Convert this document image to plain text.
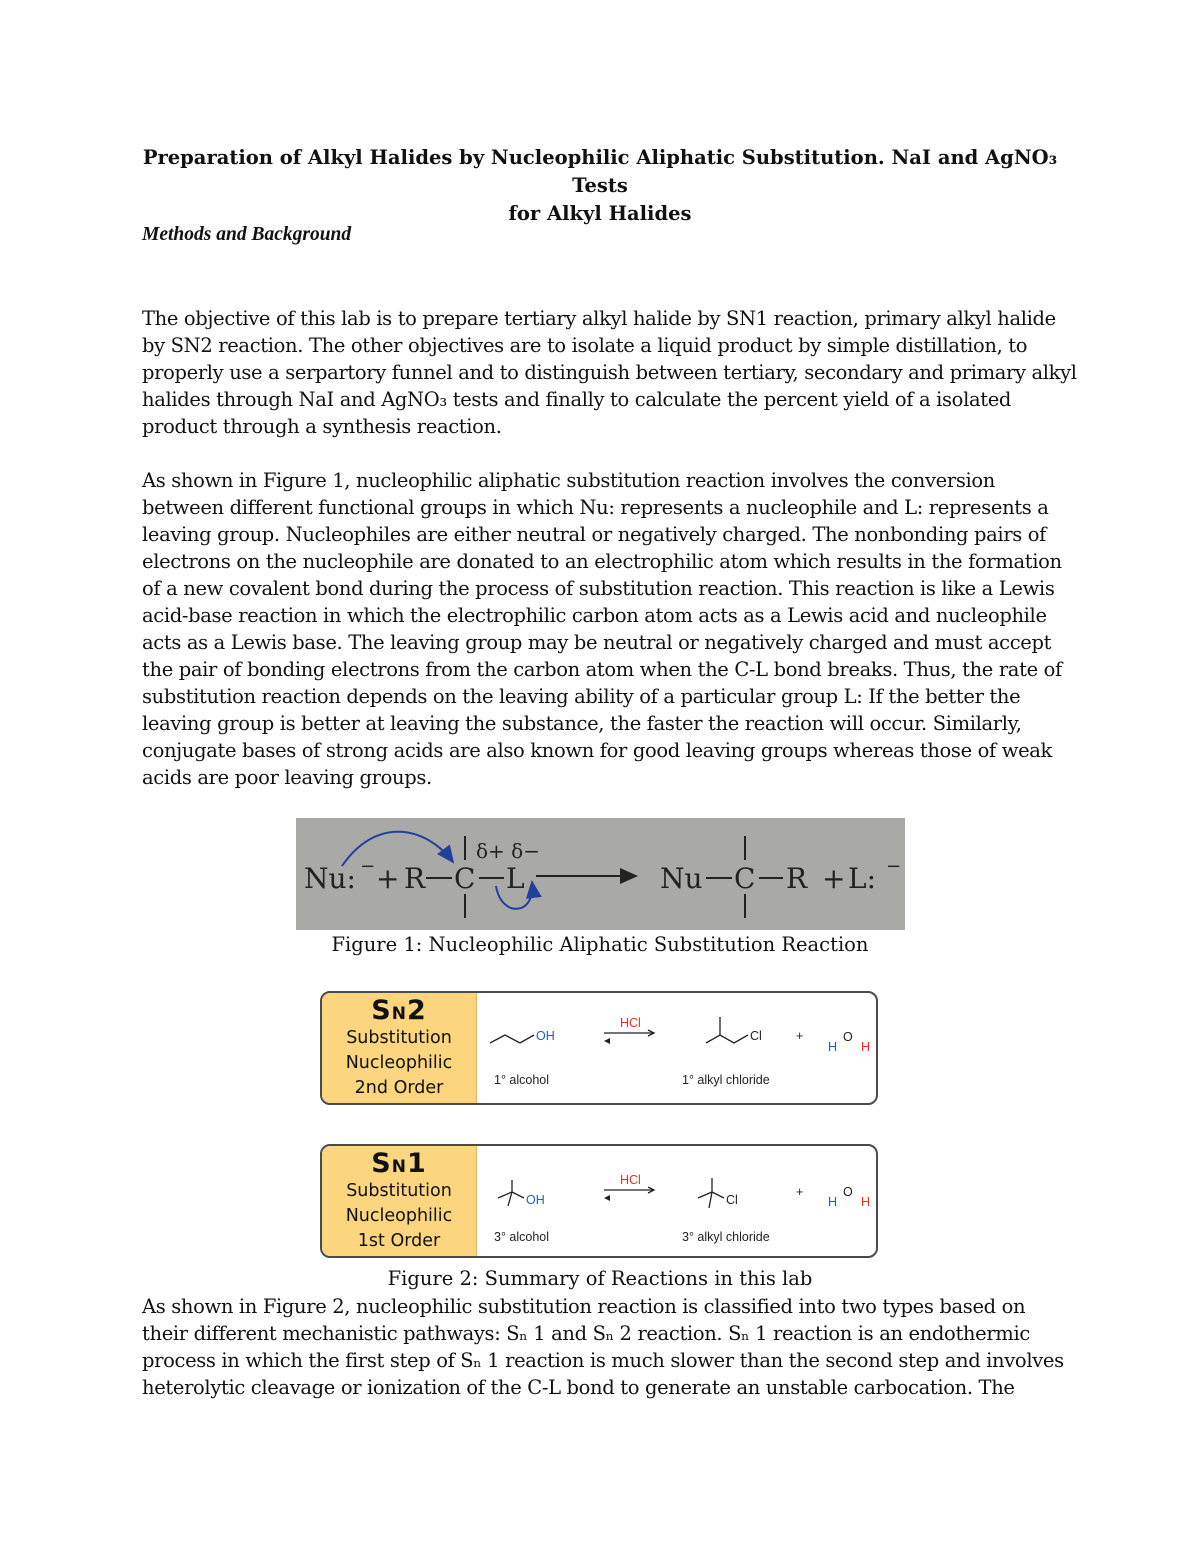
Preparation of Alkyl Halides by Nucleophilic Aliphatic Substitution. NaI and AgNO₃ Tests
for Alkyl Halides
Methods and Background
The objective of this lab is to prepare tertiary alkyl halide by SN1 reaction, primary alkyl halide
by SN2 reaction. The other objectives are to isolate a liquid product by simple distillation, to
properly use a serpartory funnel and to distinguish between tertiary, secondary and primary alkyl
halides through NaI and AgNO₃ tests and finally to calculate the percent yield of a isolated
product through a synthesis reaction.
As shown in Figure 1, nucleophilic aliphatic substitution reaction involves the conversion
between different functional groups in which Nu: represents a nucleophile and L: represents a
leaving group. Nucleophiles are either neutral or negatively charged. The nonbonding pairs of
electrons on the nucleophile are donated to an electrophilic atom which results in the formation
of a new covalent bond during the process of substitution reaction. This reaction is like a Lewis
acid-base reaction in which the electrophilic carbon atom acts as a Lewis acid and nucleophile
acts as a Lewis base. The leaving group may be neutral or negatively charged and must accept
the pair of bonding electrons from the carbon atom when the C-L bond breaks. Thus, the rate of
substitution reaction depends on the leaving ability of a particular group L: If the better the
leaving group is better at leaving the substance, the faster the reaction will occur. Similarly,
conjugate bases of strong acids are also known for good leaving groups whereas those of weak
acids are poor leaving groups.
Nu: − + R C L
δ+ δ−
Nu C R + L: −
Figure 1: Nucleophilic Aliphatic Substitution Reaction
SN2
Substitution
Nucleophilic
2nd Order
OH
1° alcohol
HCl
Cl
1° alkyl chloride
+
H
O
H
SN1
Substitution
Nucleophilic
1st Order
OH
3° alcohol
HCl
Cl
3° alkyl chloride
+
H
O
H
Figure 2: Summary of Reactions in this lab
As shown in Figure 2, nucleophilic substitution reaction is classified into two types based on
their different mechanistic pathways: Sₙ 1 and Sₙ 2 reaction. Sₙ 1 reaction is an endothermic
process in which the first step of Sₙ 1 reaction is much slower than the second step and involves
heterolytic cleavage or ionization of the C-L bond to generate an unstable carbocation. The
